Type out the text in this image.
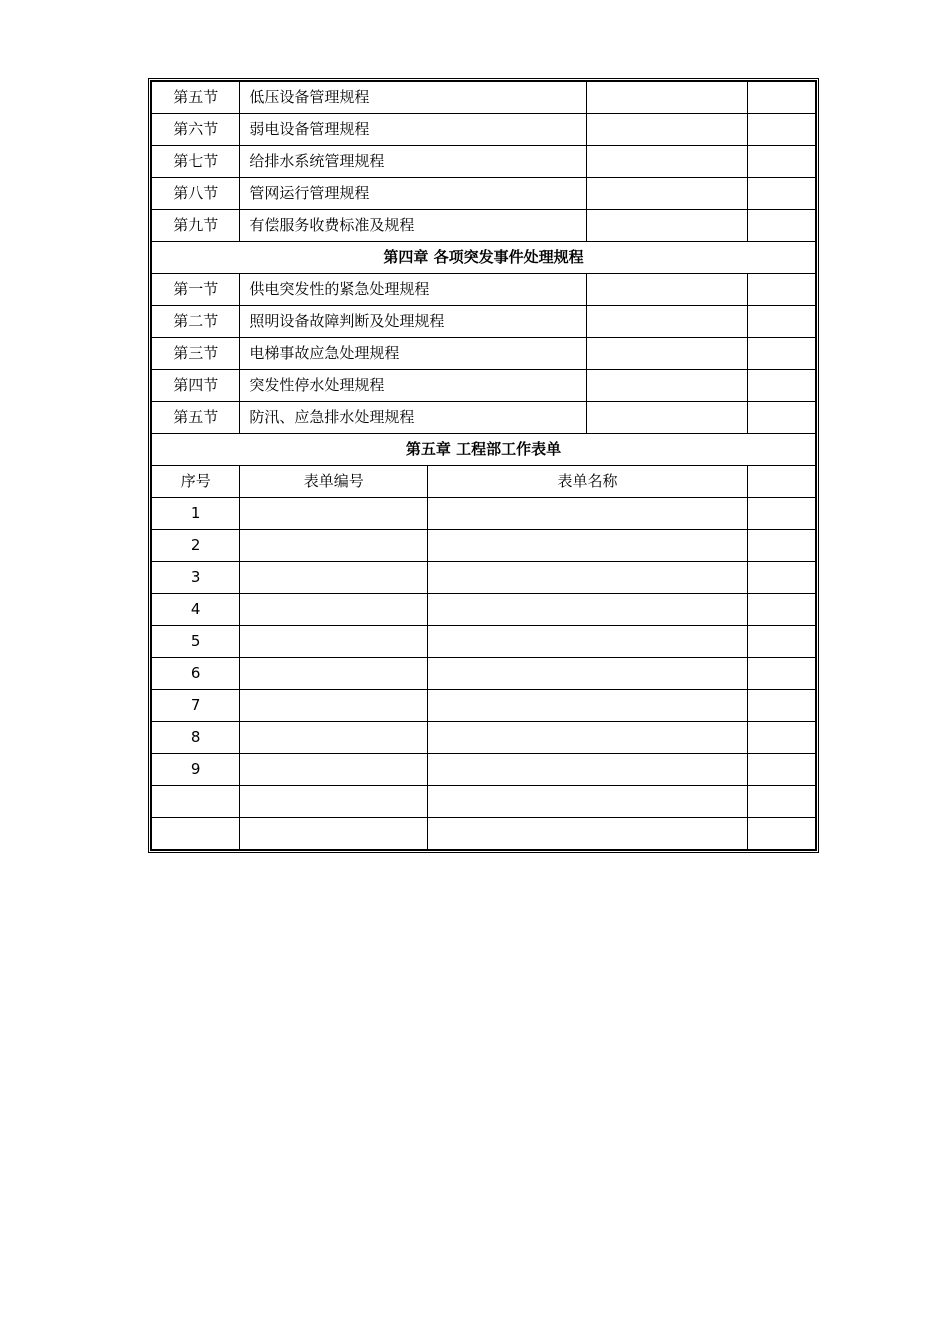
第五节	低压设备管理规程			
第六节	弱电设备管理规程			
第七节	给排水系统管理规程			
第八节	管网运行管理规程			
第九节	有偿服务收费标准及规程			
第四章 各项突发事件处理规程				
第一节	供电突发性的紧急处理规程			
第二节	照明设备故障判断及处理规程			
第三节	电梯事故应急处理规程			
第四节	突发性停水处理规程			
第五节	防汛、应急排水处理规程			
第五章 工程部工作表单				
序号	表单编号	表单名称		
1				
2				
3				
4				
5				
6				
7				
8				
9				
